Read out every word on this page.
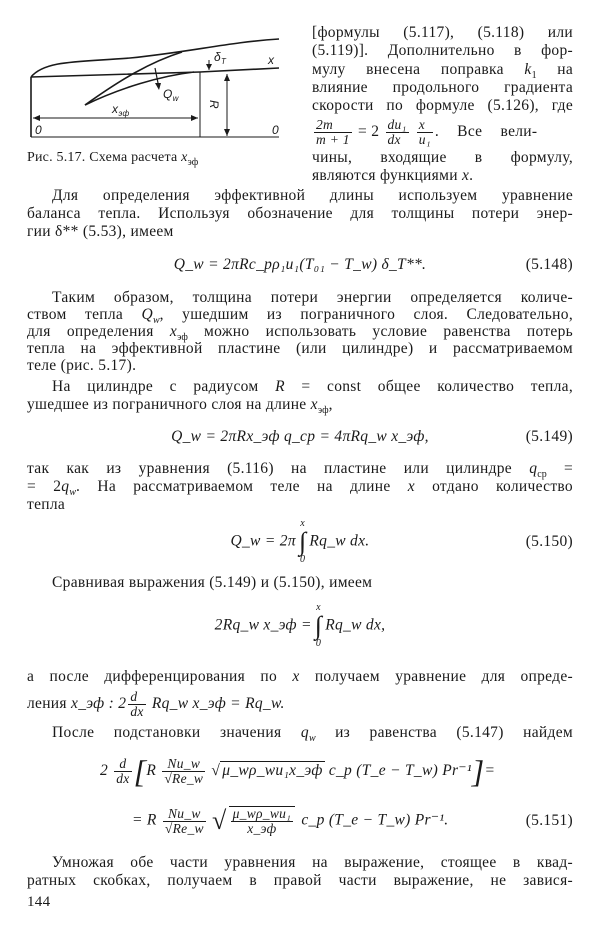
$\delta_T$	x
$Q_w$
$x_{эф}$
R
0	0
Рис. 5.17. Схема расчета $x_{эф}$
[формулы (5.117), (5.118) или
(5.119)]. Дополнительно в фор-
мулу внесена поправка $k_1$ на
влияние продольного градиента
скорости по формуле (5.126), где
$\frac{2m}{m + 1} = 2 \frac{\text{du₁}}{dx}$
$\frac{x}{\text{u₁}}$ . Все вели-
чины, входящие в формулу,
являются функциями x.
Для определения эффективной длины используем уравнение
баланса тепла. Используя обозначение для толщины потери энер-
гии δ** (5.53), имеем
Q_w = 2πRc_pρ₁u₁(T₀₁ − T_w) δ_T**.	(5.148)
Таким образом, толщина потери энергии определяется количе-
ством тепла $Q_w$, ушедшим из пограничного слоя. Следовательно,
для определения $x_{эф}$ можно использовать условие равенства потерь
тепла на эффективной пластине (или цилиндре) и рассматриваемом
теле (рис. 5.17).
На цилиндре с радиусом R = const общее количество тепла,
ушедшее из пограничного слоя на длине $x_{эф}$,
Q_w = 2πRx_эф q_ср = 4πRq_w x_эф,	(5.149)
так как из уравнения (5.116) на пластине или цилиндре $q_{ср}$ =
= $2q_w$. На рассматриваемом теле на длине x отдано количество
тепла
Q_w = 2π
x
∫
0
Rq_w dx.	(5.150)
Сравнивая выражения (5.149) и (5.150), имеем
2Rq_w x_эф =
x
∫
0
Rq_w dx,
а после дифференцирования по x получаем уравнение для опреде-
ления x_эф : $2 \frac{d}{dx}$ Rq_w x_эф = Rq_w.
После подстановки значения $q_w$ из равенства (5.147) найдем
$2 \frac{d}{dx} [R \frac{Nu\_w}{√Re\_w}$ √ μ_wρ_wu₁x_эф c_p (T_e − T_w) Pr⁻¹]=
= R $\frac{Nu\_w}{√Re\_w}$ √ $\frac{\text{μ\_wρ\_wu₁}}{x\_эф}$ c_p (T_e − T_w) Pr⁻¹.	(5.151)
Умножая обе части уравнения на выражение, стоящее в квад-
ратных скобках, получаем в правой части выражение, не завися-
144
